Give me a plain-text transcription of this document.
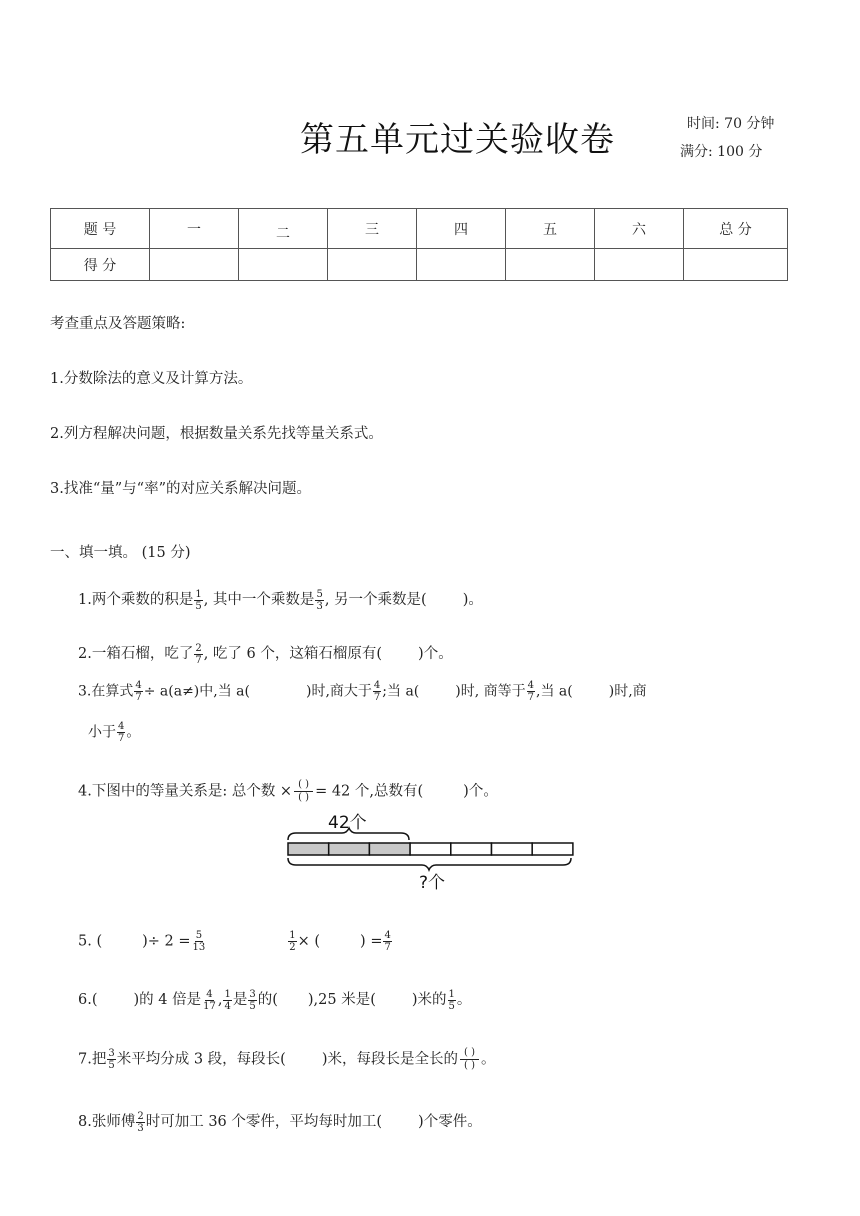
第五单元过关验收卷	时间: 70 分钟
满分: 100 分
题 号	一	二	三	四	五	六	总 分
得 分							
考查重点及答题策略:
1.分数除法的意义及计算方法。
2.列方程解决问题，根据数量关系先找等量关系式。
3.找准“量”与“率”的对应关系解决问题。
一、填一填。 (15 分)
1.两个乘数的积是 $\frac{1}{5}$ , 其中一个乘数是 $\frac{5}{3}$ , 另一个乘数是( )。
2.一箱石榴，吃了 $\frac{2}{7}$ , 吃了 6 个，这箱石榴原有( )个。
3.在算式 $\frac{4}{7} \div a(a\ne)$中,当 a(	)时,商大于 $\frac{4}{7}$ ;当 a(	)时, 商等于 $\frac{4}{7}$ ,当 a(	)时,商
小于 $\frac{4}{7}$ 。
4.下图中的等量关系是: 总个数 × $\frac{( )}{( )} = 42$ 个,总数有(	)个。
42个
?个
5. (	)÷ $2 = \frac{5}{13}$	$\frac{1}{2}$ × (	) = $\frac{4}{7}$
6.( )的 4 倍是 $\frac{4}{17}$ , $\frac{1}{4}$ 是 $\frac{3}{5}$ 的( ),25 米是( )米的 $\frac{1}{5}$ 。
7.把 $\frac{3}{5}$ 米平均分成 3 段，每段长( )米，每段长是全长的 $\frac{( )}{( )}$ 。
8.张师傅 $\frac{2}{3}$ 时可加工 36 个零件，平均每时加工( )个零件。
